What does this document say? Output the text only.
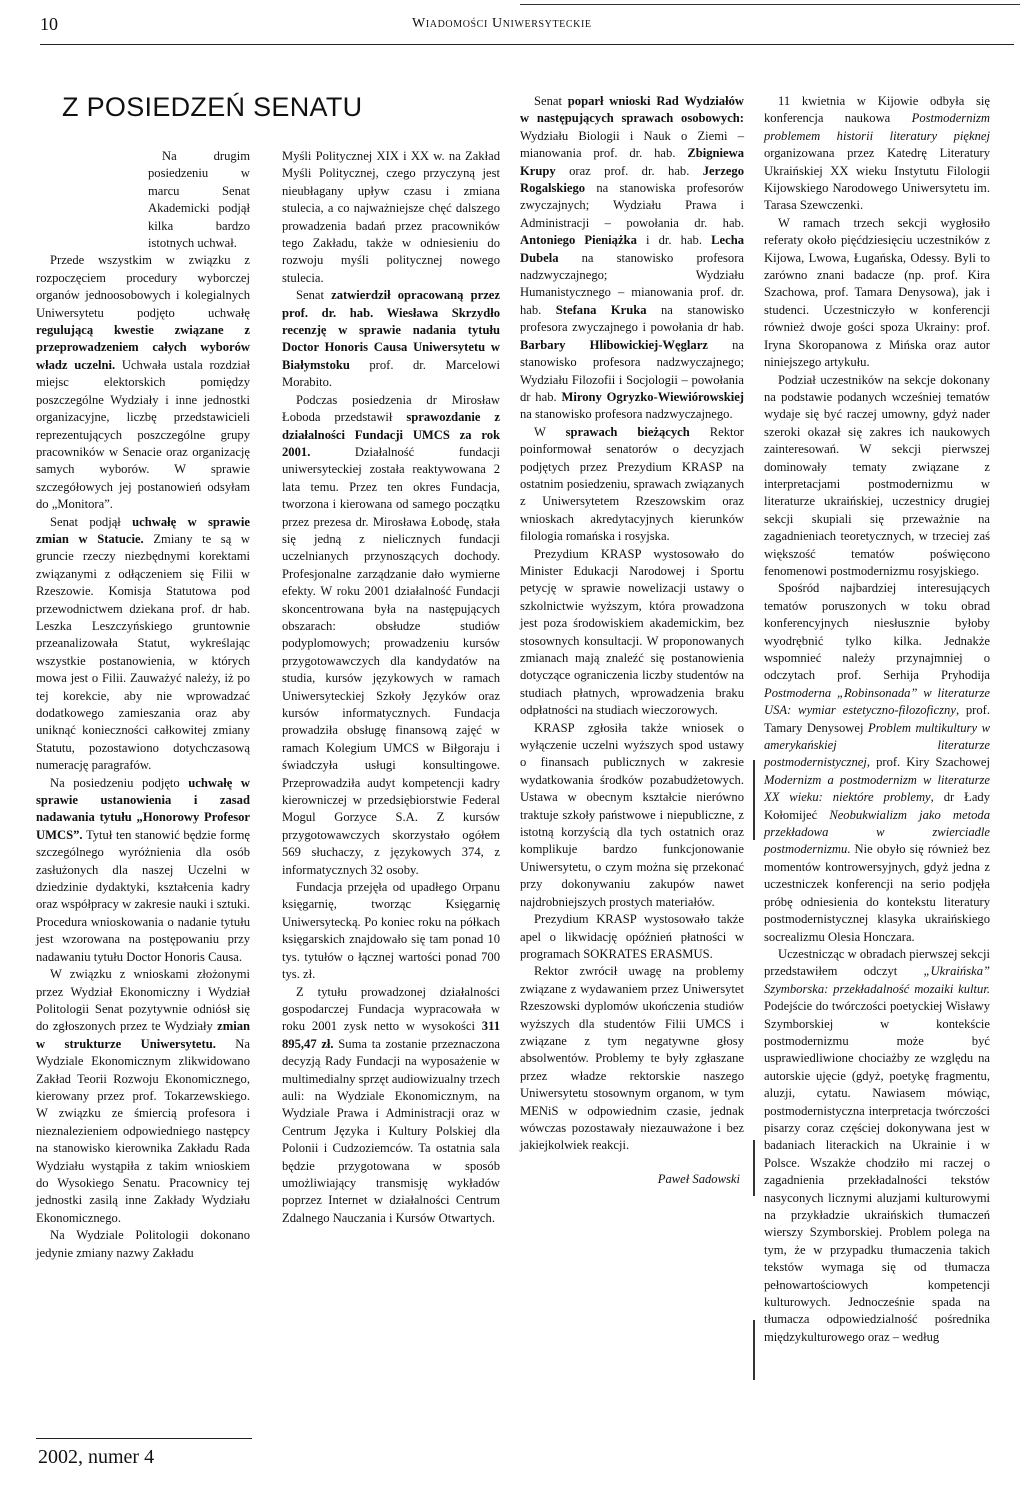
10	Wiadomości Uniwersyteckie
Z POSIEDZEŃ SENATU

Na drugim posiedzeniu w marcu Senat Akademicki podjął kilka bardzo istotnych uchwał.

Przede wszystkim w związku z rozpoczęciem procedury wyborczej organów jednoosobowych i kolegialnych Uniwersytetu podjęto uchwałę regulującą kwestie związane z przeprowadzeniem całych wyborów władz uczelni. Uchwała ustala rozdział miejsc elektorskich pomiędzy poszczególne Wydziały i inne jednostki organizacyjne, liczbę przedstawicieli reprezentujących poszczególne grupy pracowników w Senacie oraz organizację samych wyborów. W sprawie szczegółowych jej postanowień odsyłam do „Monitora”.

Senat podjął uchwałę w sprawie zmian w Statucie. Zmiany te są w gruncie rzeczy niezbędnymi korektami związanymi z odłączeniem się Filii w Rzeszowie. Komisja Statutowa pod przewodnictwem dziekana prof. dr hab. Leszka Leszczyńskiego gruntownie przeanalizowała Statut, wykreślając wszystkie postanowienia, w których mowa jest o Filii. Zauważyć należy, iż po tej korekcie, aby nie wprowadzać dodatkowego zamieszania oraz aby uniknąć konieczności całkowitej zmiany Statutu, pozostawiono dotychczasową numerację paragrafów.

Na posiedzeniu podjęto uchwałę w sprawie ustanowienia i zasad nadawania tytułu „Honorowy Profesor UMCS”. Tytuł ten stanowić będzie formę szczególnego wyróżnienia dla osób zasłużonych dla naszej Uczelni w dziedzinie dydaktyki, kształcenia kadry oraz współpracy w zakresie nauki i sztuki. Procedura wnioskowania o nadanie tytułu jest wzorowana na postępowaniu przy nadawaniu tytułu Doctor Honoris Causa.

W związku z wnioskami złożonymi przez Wydział Ekonomiczny i Wydział Politologii Senat pozytywnie odniósł się do zgłoszonych przez te Wydziały zmian w strukturze Uniwersytetu. Na Wydziale Ekonomicznym zlikwidowano Zakład Teorii Rozwoju Ekonomicznego, kierowany przez prof. Tokarzewskiego. W związku ze śmiercią profesora i nieznalezieniem odpowiedniego następcy na stanowisko kierownika Zakładu Rada Wydziału wystąpiła z takim wnioskiem do Wysokiego Senatu. Pracownicy tej jednostki zasilą inne Zakłady Wydziału Ekonomicznego.

Na Wydziale Politologii dokonano jedynie zmiany nazwy Zakładu

Myśli Politycznej XIX i XX w. na Zakład Myśli Politycznej, czego przyczyną jest nieubłagany upływ czasu i zmiana stulecia, a co najważniejsze chęć dalszego prowadzenia badań przez pracowników tego Zakładu, także w odniesieniu do rozwoju myśli politycznej nowego stulecia.

Senat zatwierdził opracowaną przez prof. dr. hab. Wiesława Skrzydło recenzję w sprawie nadania tytułu Doctor Honoris Causa Uniwersytetu w Białymstoku prof. dr. Marcelowi Morabito.

Podczas posiedzenia dr Mirosław Łoboda przedstawił sprawozdanie z działalności Fundacji UMCS za rok 2001. Działalność fundacji uniwersyteckiej została reaktywowana 2 lata temu. Przez ten okres Fundacja, tworzona i kierowana od samego początku przez prezesa dr. Mirosława Łobodę, stała się jedną z nielicznych fundacji uczelnianych przynoszących dochody. Profesjonalne zarządzanie dało wymierne efekty. W roku 2001 działalność Fundacji skoncentrowana była na następujących obszarach: obsłudze studiów podyplomowych; prowadzeniu kursów przygotowawczych dla kandydatów na studia, kursów językowych w ramach Uniwersyteckiej Szkoły Języków oraz kursów informatycznych. Fundacja prowadziła obsługę finansową zajęć w ramach Kolegium UMCS w Biłgoraju i świadczyła usługi konsultingowe. Przeprowadziła audyt kompetencji kadry kierowniczej w przedsiębiorstwie Federal Mogul Gorzyce S.A. Z kursów przygotowawczych skorzystało ogółem 569 słuchaczy, z językowych 374, z informatycznych 32 osoby.

Fundacja przejęła od upadłego Orpanu księgarnię, tworząc Księgarnię Uniwersytecką. Po koniec roku na półkach księgarskich znajdowało się tam ponad 10 tys. tytułów o łącznej wartości ponad 700 tys. zł.

Z tytułu prowadzonej działalności gospodarczej Fundacja wypracowała w roku 2001 zysk netto w wysokości 311 895,47 zł. Suma ta zostanie przeznaczona decyzją Rady Fundacji na wyposażenie w multimedialny sprzęt audiowizualny trzech auli: na Wydziale Ekonomicznym, na Wydziale Prawa i Administracji oraz w Centrum Języka i Kultury Polskiej dla Polonii i Cudzoziemców. Ta ostatnia sala będzie przygotowana w sposób umożliwiający transmisję wykładów poprzez Internet w działalności Centrum Zdalnego Nauczania i Kursów Otwartych.

Senat poparł wnioski Rad Wydziałów w następujących sprawach osobowych: Wydziału Biologii i Nauk o Ziemi – mianowania prof. dr. hab. Zbigniewa Krupy oraz prof. dr. hab. Jerzego Rogalskiego na stanowiska profesorów zwyczajnych; Wydziału Prawa i Administracji – powołania dr. hab. Antoniego Pieniążka i dr. hab. Lecha Dubela na stanowisko profesora nadzwyczajnego; Wydziału Humanistycznego – mianowania prof. dr. hab. Stefana Kruka na stanowisko profesora zwyczajnego i powołania dr hab. Barbary Hlibowickiej-Węglarz na stanowisko profesora nadzwyczajnego; Wydziału Filozofii i Socjologii – powołania dr hab. Mirony Ogryzko-Wiewiórowskiej na stanowisko profesora nadzwyczajnego.

W sprawach bieżących Rektor poinformował senatorów o decyzjach podjętych przez Prezydium KRASP na ostatnim posiedzeniu, sprawach związanych z Uniwersytetem Rzeszowskim oraz wnioskach akredytacyjnych kierunków filologia romańska i rosyjska.

Prezydium KRASP wystosowało do Minister Edukacji Narodowej i Sportu petycję w sprawie nowelizacji ustawy o szkolnictwie wyższym, która prowadzona jest poza środowiskiem akademickim, bez stosownych konsultacji. W proponowanych zmianach mają znaleźć się postanowienia dotyczące ograniczenia liczby studentów na studiach płatnych, wprowadzenia braku odpłatności na studiach wieczorowych.

KRASP zgłosiła także wniosek o wyłączenie uczelni wyższych spod ustawy o finansach publicznych w zakresie wydatkowania środków pozabudżetowych. Ustawa w obecnym kształcie nierówno traktuje szkoły państwowe i niepubliczne, z istotną korzyścią dla tych ostatnich oraz komplikuje bardzo funkcjonowanie Uniwersytetu, o czym można się przekonać przy dokonywaniu zakupów nawet najdrobniejszych prostych materiałów.

Prezydium KRASP wystosowało także apel o likwidację opóźnień płatności w programach SOKRATES ERASMUS.

Rektor zwrócił uwagę na problemy związane z wydawaniem przez Uniwersytet Rzeszowski dyplomów ukończenia studiów wyższych dla studentów Filii UMCS i związane z tym negatywne głosy absolwentów. Problemy te były zgłaszane przez władze rektorskie naszego Uniwersytetu stosownym organom, w tym MENiS w odpowiednim czasie, jednak wówczas pozostawały niezauważone i bez jakiejkolwiek reakcji.

Paweł Sadowski

11 kwietnia w Kijowie odbyła się konferencja naukowa Postmodernizm problemem historii literatury pięknej organizowana przez Katedrę Literatury Ukraińskiej XX wieku Instytutu Filologii Kijowskiego Narodowego Uniwersytetu im. Tarasa Szewczenki.

W ramach trzech sekcji wygłosiło referaty około pięćdziesięciu uczestników z Kijowa, Lwowa, Ługańska, Odessy. Byli to zarówno znani badacze (np. prof. Kira Szachowa, prof. Tamara Denysowa), jak i studenci. Uczestniczyło w konferencji również dwoje gości spoza Ukrainy: prof. Iryna Skoropanowa z Mińska oraz autor niniejszego artykułu.

Podział uczestników na sekcje dokonany na podstawie podanych wcześniej tematów wydaje się być raczej umowny, gdyż nader szeroki okazał się zakres ich naukowych zainteresowań. W sekcji pierwszej dominowały tematy związane z interpretacjami postmodernizmu w literaturze ukraińskiej, uczestnicy drugiej sekcji skupiali się przeważnie na zagadnieniach teoretycznych, w trzeciej zaś większość tematów poświęcono fenomenowi postmodernizmu rosyjskiego.

Spośród najbardziej interesujących tematów poruszonych w toku obrad konferencyjnych niesłusznie byłoby wyodrębnić tylko kilka. Jednakże wspomnieć należy przynajmniej o odczytach prof. Serhija Pryhodija Postmoderna „Robinsonada” w literaturze USA: wymiar estetyczno-filozoficzny, prof. Tamary Denysowej Problem multikultury w amerykańskiej literaturze postmodernistycznej, prof. Kiry Szachowej Modernizm a postmodernizm w literaturze XX wieku: niektóre problemy, dr Łady Kołomijeć Neobukwializm jako metoda przekładowa w zwierciadle postmodernizmu. Nie obyło się również bez momentów kontrowersyjnych, gdyż jedna z uczestniczek konferencji na serio podjęła próbę odniesienia do kontekstu literatury postmodernistycznej klasyka ukraińskiego socrealizmu Olesia Honczara.

Uczestnicząc w obradach pierwszej sekcji przedstawiłem odczyt „Ukraińska” Szymborska: przekładalność mozaiki kultur. Podejście do twórczości poetyckiej Wisławy Szymborskiej w kontekście postmodernizmu może być usprawiedliwione chociażby ze względu na autorskie ujęcie (gdyż, poetykę fragmentu, aluzji, cytatu. Nawiasem mówiąc, postmodernistyczna interpretacja twórczości pisarzy coraz częściej dokonywana jest w badaniach literackich na Ukrainie i w Polsce. Wszakże chodziło mi raczej o zagadnienia przekładalności tekstów nasyconych licznymi aluzjami kulturowymi na przykładzie ukraińskich tłumaczeń wierszy Szymborskiej. Problem polega na tym, że w przypadku tłumaczenia takich tekstów wymaga się od tłumacza pełnowartościowych kompetencji kulturowych. Jednocześnie spada na tłumacza odpowiedzialność pośrednika międzykulturowego oraz – według

2002, numer 4
